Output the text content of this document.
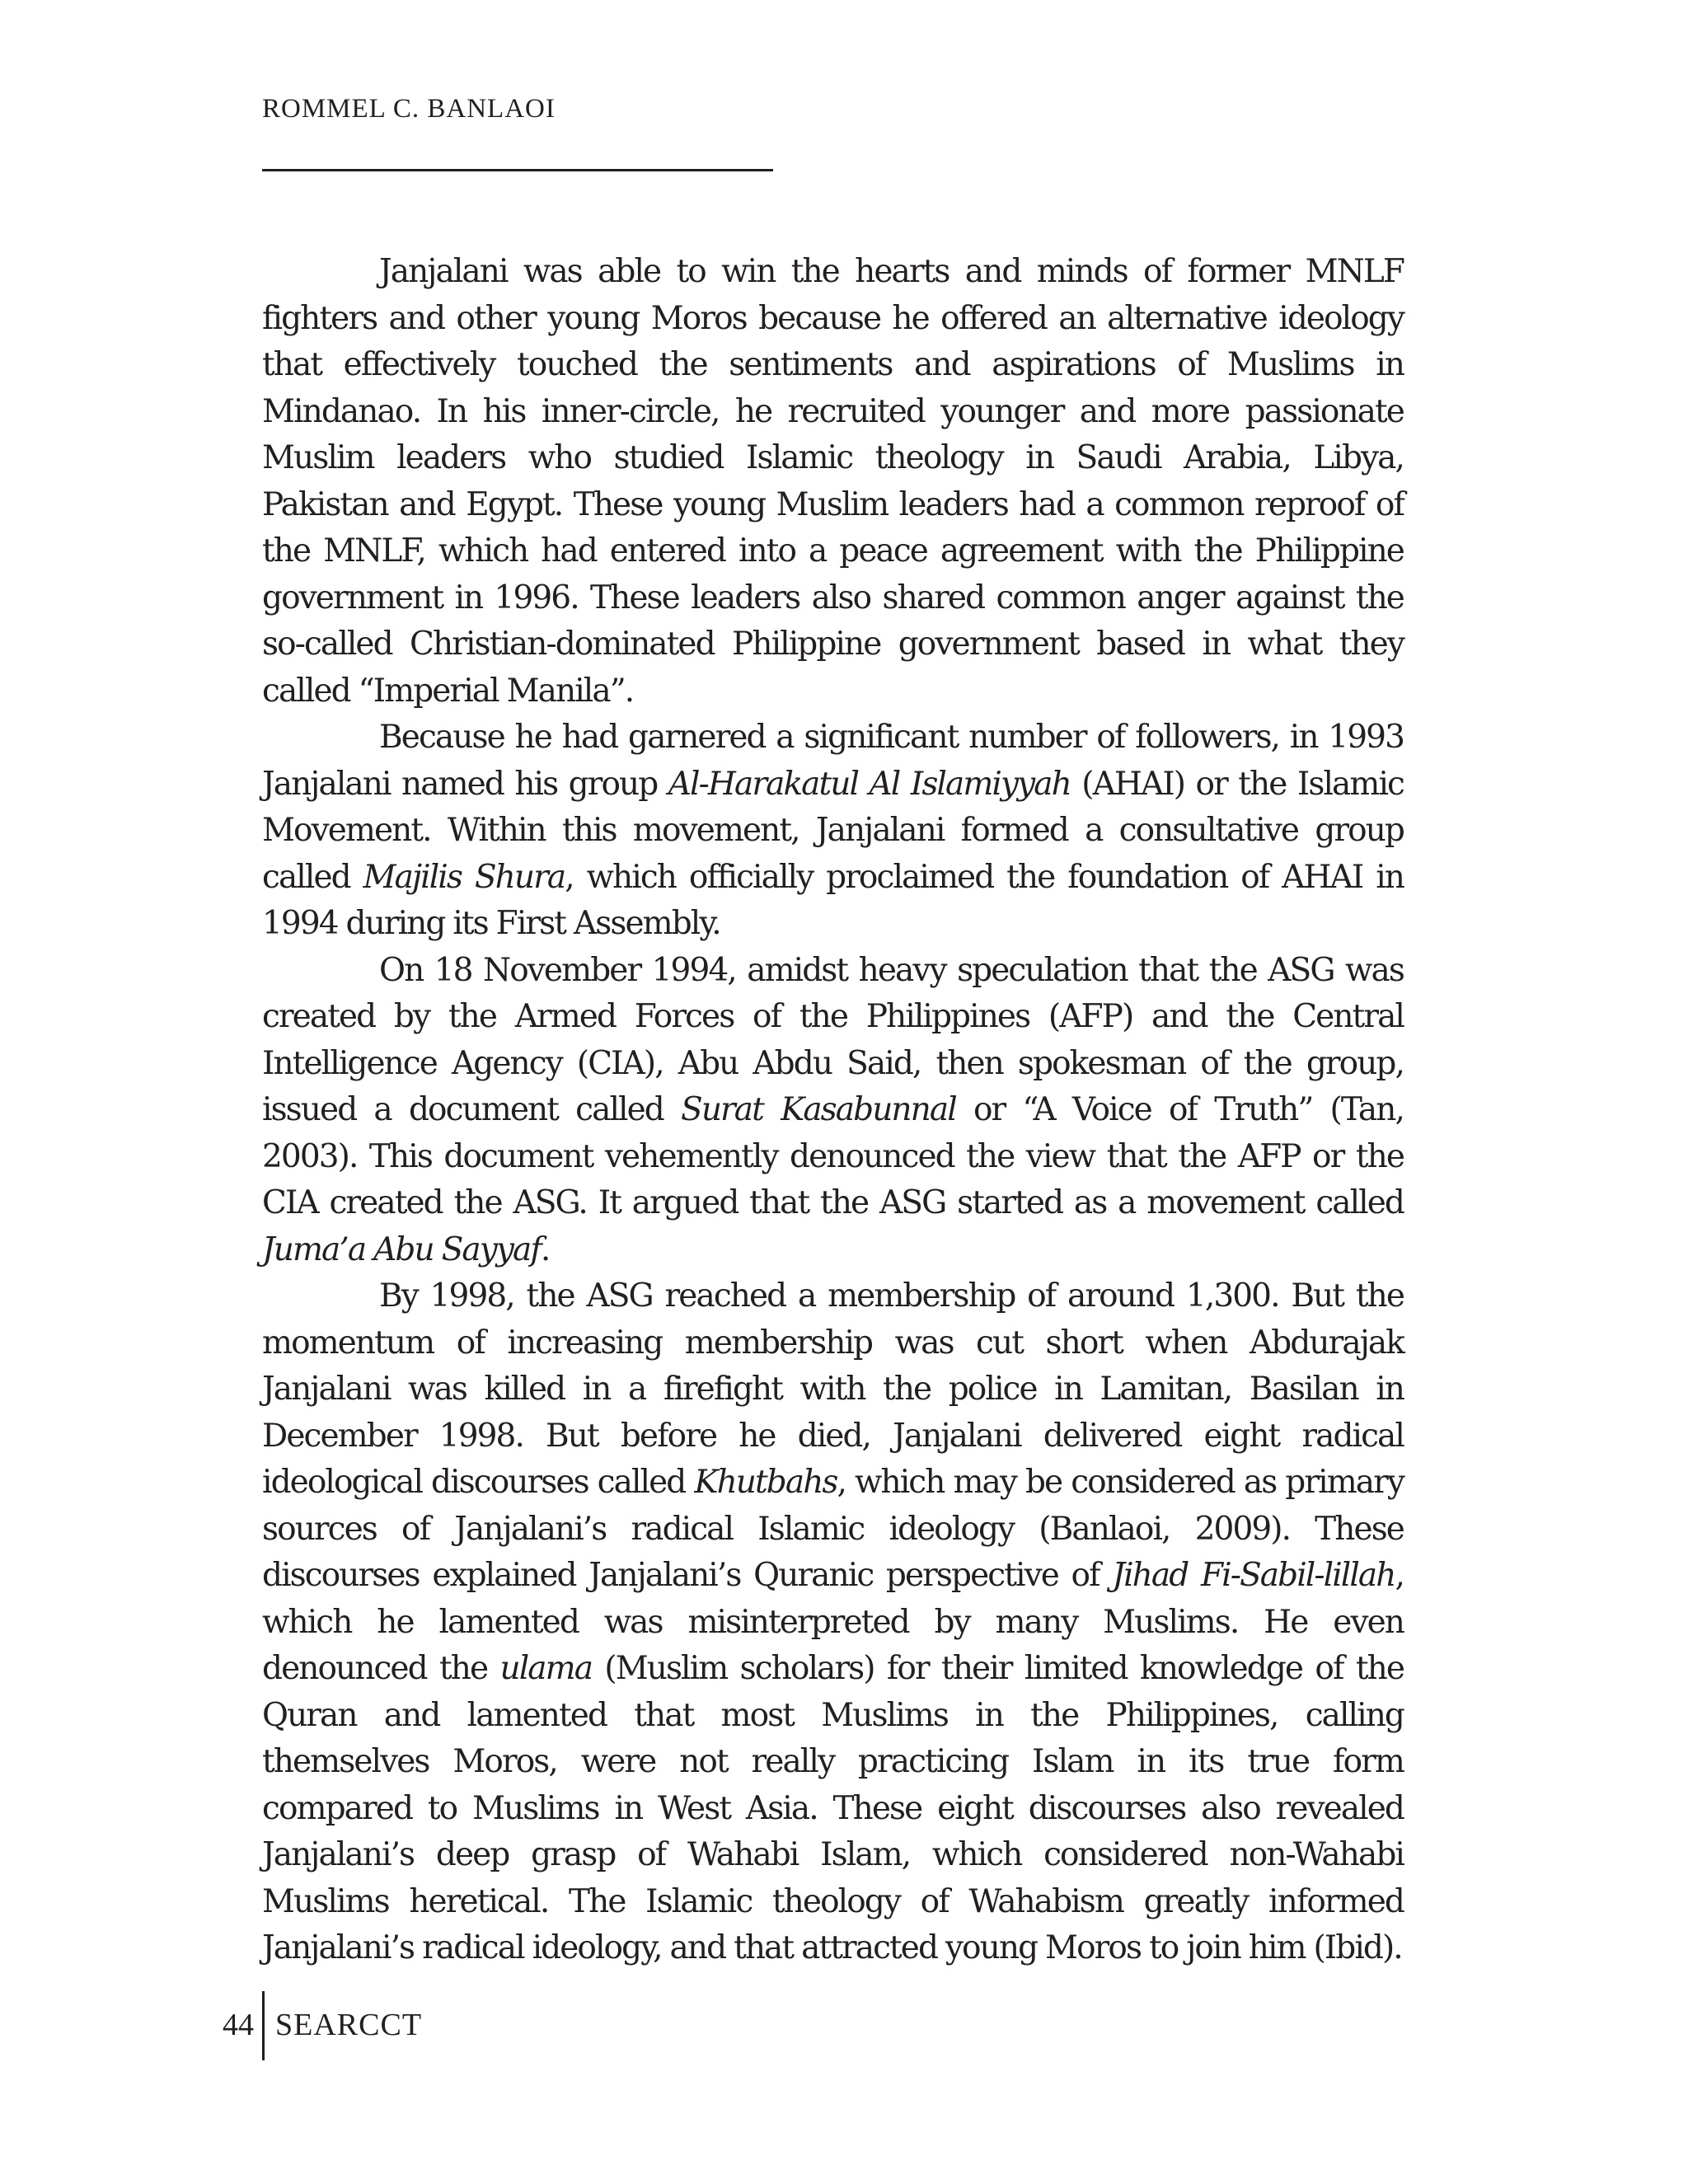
ROMMEL C. BANLAOI

Janjalani was able to win the hearts and minds of former MNLF fighters and other young Moros because he offered an alternative ideology that effectively touched the sentiments and aspirations of Muslims in Mindanao. In his inner-circle, he recruited younger and more passionate Muslim leaders who studied Islamic theology in Saudi Arabia, Libya, Pakistan and Egypt. These young Muslim leaders had a common reproof of the MNLF, which had entered into a peace agreement with the Philippine government in 1996. These leaders also shared common anger against the so-called Christian-dominated Philippine government based in what they called “Imperial Manila”.

Because he had garnered a significant number of followers, in 1993 Janjalani named his group Al-Harakatul Al Islamiyyah (AHAI) or the Islamic Movement. Within this movement, Janjalani formed a consultative group called Majilis Shura, which officially proclaimed the foundation of AHAI in 1994 during its First Assembly.

On 18 November 1994, amidst heavy speculation that the ASG was created by the Armed Forces of the Philippines (AFP) and the Central Intelligence Agency (CIA), Abu Abdu Said, then spokesman of the group, issued a document called Surat Kasabunnal or “A Voice of Truth” (Tan, 2003). This document vehemently denounced the view that the AFP or the CIA created the ASG. It argued that the ASG started as a movement called Juma’a Abu Sayyaf.

By 1998, the ASG reached a membership of around 1,300. But the momentum of increasing membership was cut short when Abdurajak Janjalani was killed in a firefight with the police in Lamitan, Basilan in December 1998. But before he died, Janjalani delivered eight radical ideological discourses called Khutbahs, which may be considered as primary sources of Janjalani’s radical Islamic ideology (Banlaoi, 2009). These discourses explained Janjalani’s Quranic perspective of Jihad Fi-Sabil-lillah, which he lamented was misinterpreted by many Muslims. He even denounced the ulama (Muslim scholars) for their limited knowledge of the Quran and lamented that most Muslims in the Philippines, calling themselves Moros, were not really practicing Islam in its true form compared to Muslims in West Asia. These eight discourses also revealed Janjalani’s deep grasp of Wahabi Islam, which considered non-Wahabi Muslims heretical. The Islamic theology of Wahabism greatly informed Janjalani’s radical ideology, and that attracted young Moros to join him (Ibid).

44 SEARCCT
